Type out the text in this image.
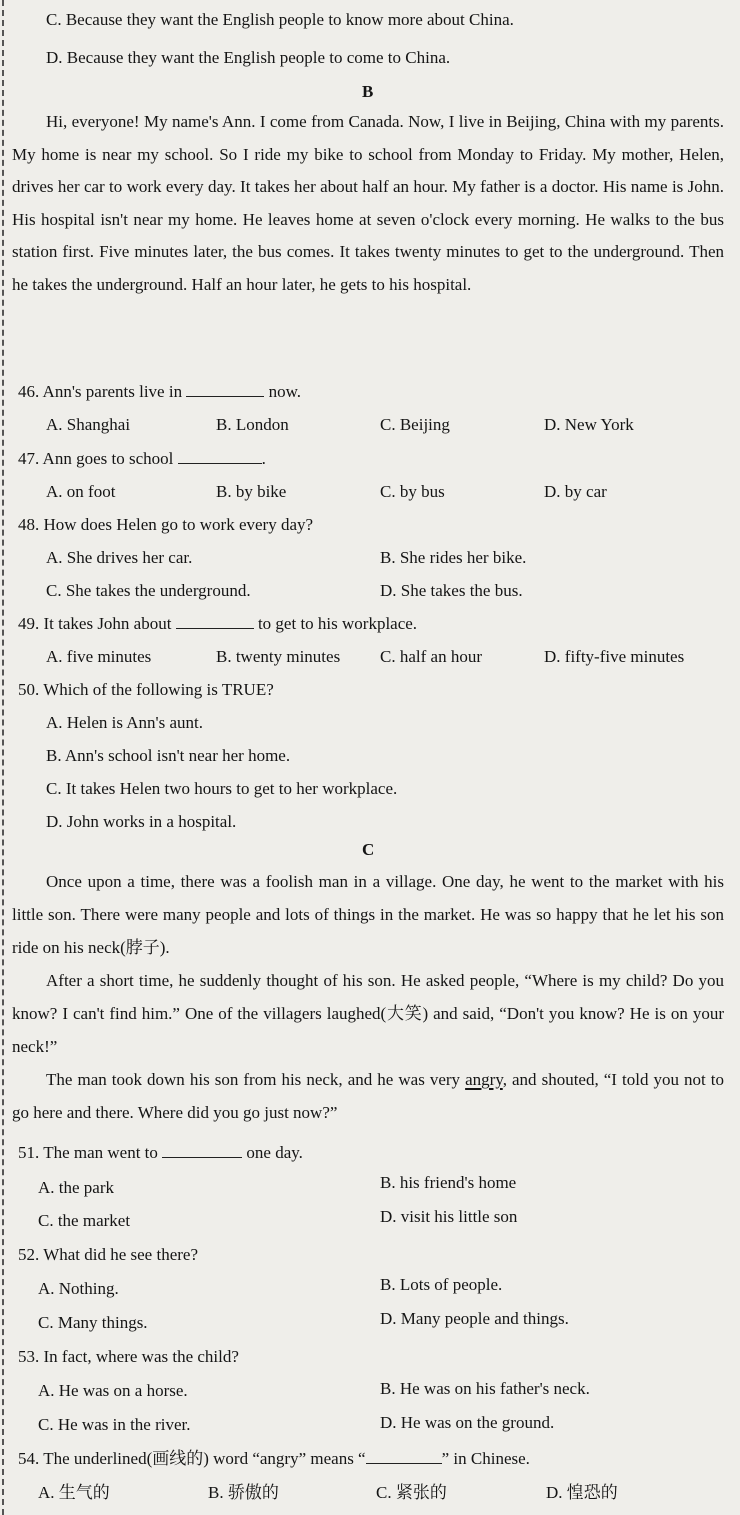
C. Because they want the English people to know more about China.
D. Because they want the English people to come to China.
B
Hi, everyone! My name's Ann. I come from Canada. Now, I live in Beijing, China with my parents. My home is near my school. So I ride my bike to school from Monday to Friday. My mother, Helen, drives her car to work every day. It takes her about half an hour. My father is a doctor. His name is John. His hospital isn't near my home. He leaves home at seven o'clock every morning. He walks to the bus station first. Five minutes later, the bus comes. It takes twenty minutes to get to the underground. Then he takes the underground. Half an hour later, he gets to his hospital.
46. Ann's parents live in	now.
A. Shanghai	B. London	C. Beijing	D. New York
47. Ann goes to school	.
A. on foot	B. by bike	C. by bus	D. by car
48. How does Helen go to work every day?
A. She drives her car.	B. She rides her bike.
C. She takes the underground.	D. She takes the bus.
49. It takes John about	to get to his workplace.
A. five minutes	B. twenty minutes C. half an hour	D. fifty-five minutes
50. Which of the following is TRUE?
A. Helen is Ann's aunt.
B. Ann's school isn't near her home.
C. It takes Helen two hours to get to her workplace.
D. John works in a hospital.
C
Once upon a time, there was a foolish man in a village. One day, he went to the market with his little son. There were many people and lots of things in the market. He was so happy that he let his son ride on his neck(脖子).
After a short time, he suddenly thought of his son. He asked people, “Where is my child? Do you know? I can't find him.” One of the villagers laughed(大笑) and said, “Don't you know? He is on your neck!”
The man took down his son from his neck, and he was very angry, and shouted, “I told you not to go here and there. Where did you go just now?”
51. The man went to	one day.
A. the park	B. his friend's home
C. the market	D. visit his little son
52. What did he see there?
A. Nothing.	B. Lots of people.
C. Many things.	D. Many people and things.
53. In fact, where was the child?
A. He was on a horse.	B. He was on his father's neck.
C. He was in the river.	D. He was on the ground.
54. The underlined(画线的) word “angry” means “	” in Chinese.
A. 生气的	B. 骄傲的	C. 紧张的	D. 惶恐的
